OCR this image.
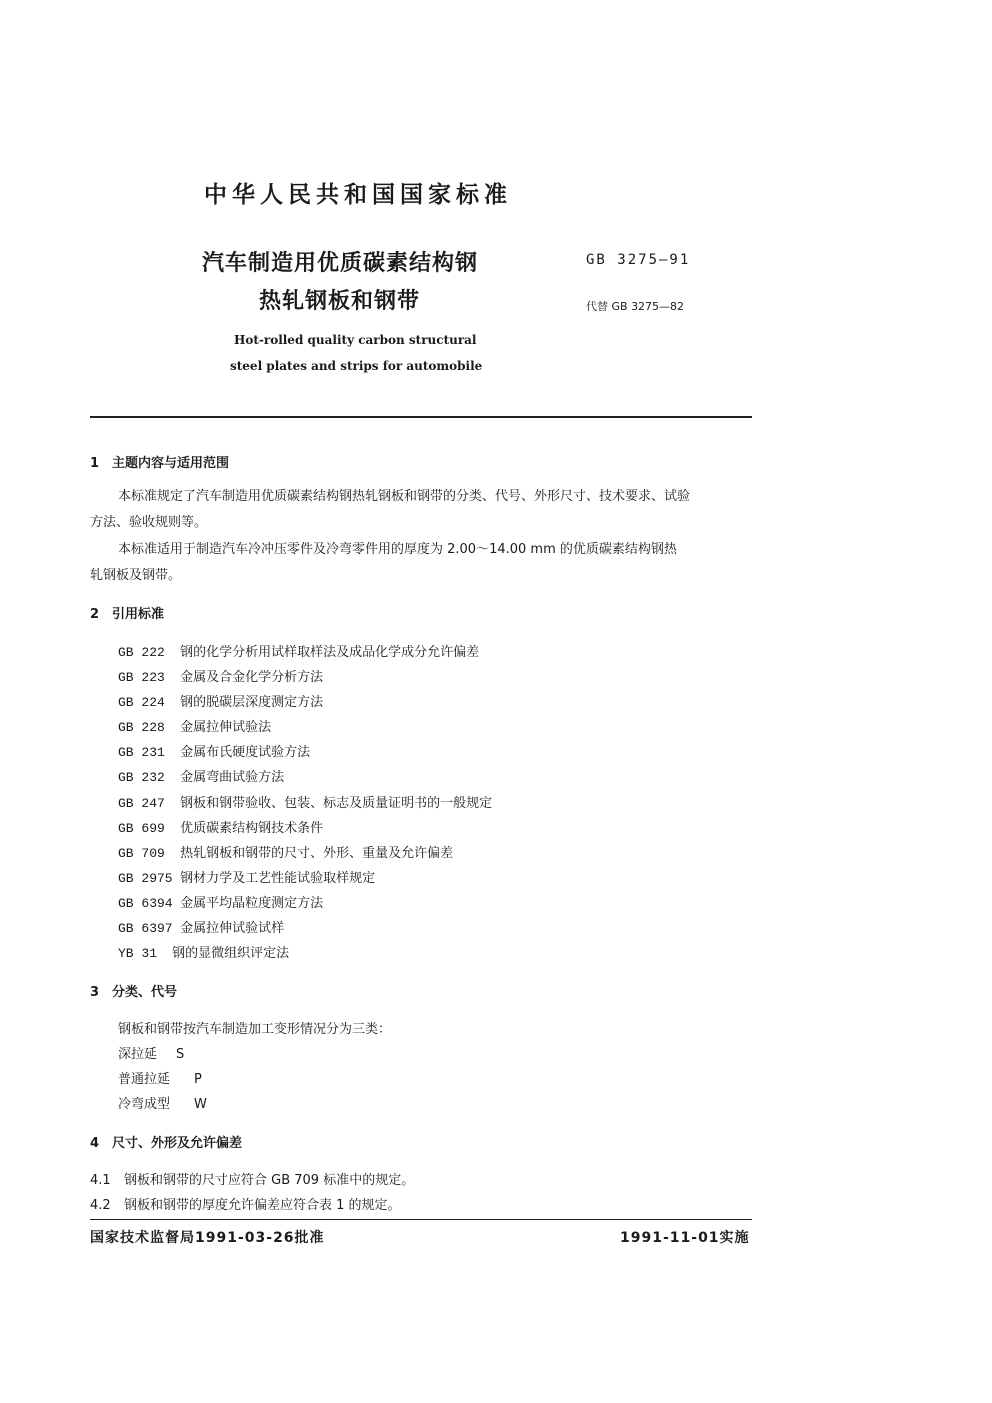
中华人民共和国国家标准
汽车制造用优质碳素结构钢
热轧钢板和钢带
GB 3275—91
代替 GB 3275—82
Hot-rolled quality carbon structural
steel plates and strips for automobile
1 主题内容与适用范围
本标准规定了汽车制造用优质碳素结构钢热轧钢板和钢带的分类、代号、外形尺寸、技术要求、试验
方法、验收规则等。
本标准适用于制造汽车冷冲压零件及冷弯零件用的厚度为 2.00～14.00 mm 的优质碳素结构钢热
轧钢板及钢带。
2 引用标准
GB 222 钢的化学分析用试样取样法及成品化学成分允许偏差
GB 223 金属及合金化学分析方法
GB 224 钢的脱碳层深度测定方法
GB 228 金属拉伸试验法
GB 231 金属布氏硬度试验方法
GB 232 金属弯曲试验方法
GB 247 钢板和钢带验收、包装、标志及质量证明书的一般规定
GB 699 优质碳素结构钢技术条件
GB 709 热轧钢板和钢带的尺寸、外形、重量及允许偏差
GB 2975 钢材力学及工艺性能试验取样规定
GB 6394 金属平均晶粒度测定方法
GB 6397 金属拉伸试验试样
YB 31 钢的显微组织评定法
3 分类、代号
钢板和钢带按汽车制造加工变形情况分为三类：
深拉延 S
普通拉延 P
冷弯成型 W
4 尺寸、外形及允许偏差
4.1 钢板和钢带的尺寸应符合 GB 709 标准中的规定。
4.2 钢板和钢带的厚度允许偏差应符合表 1 的规定。
国家技术监督局1991-03-26批准	1991-11-01实施
